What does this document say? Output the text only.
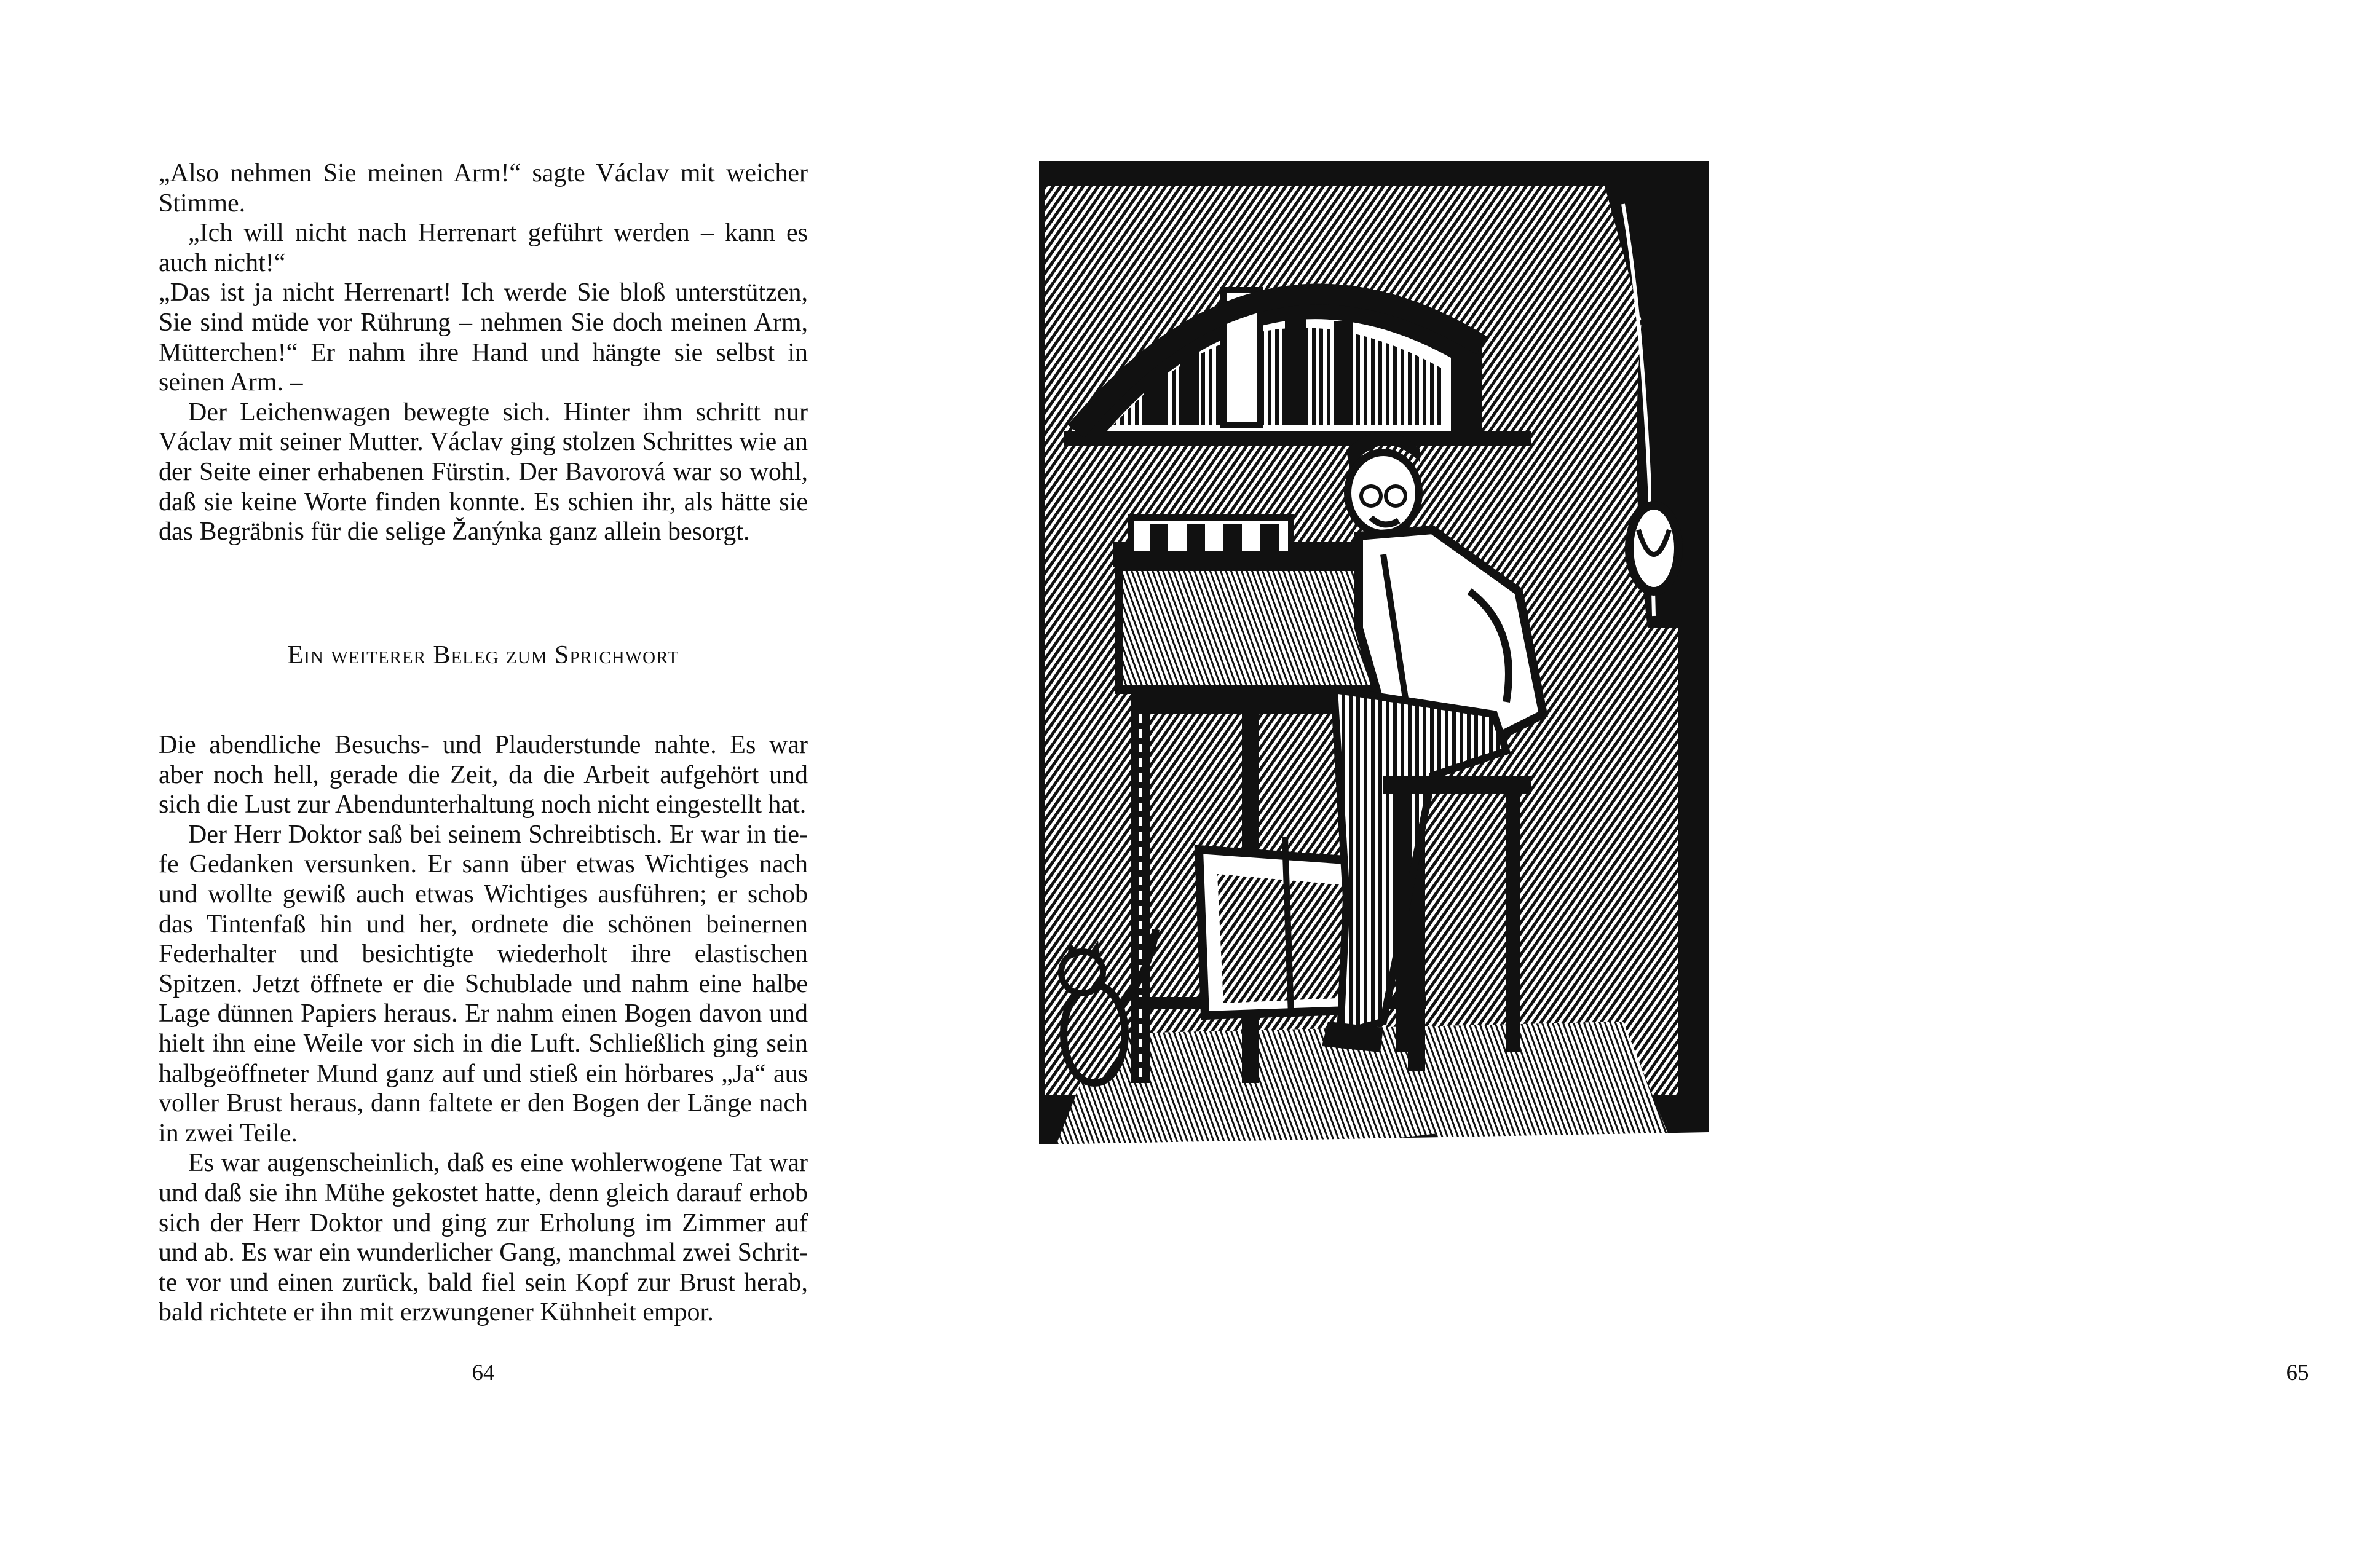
„Also nehmen Sie meinen Arm!“ sagte Václav mit weicher Stimme.

„Ich will nicht nach Herrenart geführt werden – kann es auch nicht!“

„Das ist ja nicht Herrenart! Ich werde Sie bloß unterstützen, Sie sind müde vor Rührung – nehmen Sie doch meinen Arm, Mütterchen!“ Er nahm ihre Hand und hängte sie selbst in seinen Arm. –

Der Leichenwagen bewegte sich. Hinter ihm schritt nur Václav mit seiner Mutter. Václav ging stolzen Schrittes wie an der Seite einer erhabenen Fürstin. Der Bavorová war so wohl, daß sie keine Worte finden konnte. Es schien ihr, als hätte sie das Begräbnis für die selige Žanýnka ganz allein besorgt.

Ein weiterer Beleg zum Sprichwort

Die abendliche Besuchs- und Plauderstunde nahte. Es war aber noch hell, gerade die Zeit, da die Arbeit aufgehört und sich die Lust zur Abendunterhaltung noch nicht eingestellt hat.

Der Herr Doktor saß bei seinem Schreibtisch. Er war in tiefe Gedanken versunken. Er sann über etwas Wichtiges nach und wollte gewiß auch etwas Wichtiges ausführen; er schob das Tintenfaß hin und her, ordnete die schönen beinernen Federhalter und besichtigte wiederholt ihre elastischen Spitzen. Jetzt öffnete er die Schublade und nahm eine halbe Lage dünnen Papiers heraus. Er nahm einen Bogen davon und hielt ihn eine Weile vor sich in die Luft. Schließlich ging sein halbgeöffneter Mund ganz auf und stieß ein hörbares „Ja“ aus voller Brust heraus, dann faltete er den Bogen der Länge nach in zwei Teile.

Es war augenscheinlich, daß es eine wohlerwogene Tat war und daß sie ihn Mühe gekostet hatte, denn gleich darauf erhob sich der Herr Doktor und ging zur Erholung im Zimmer auf und ab. Es war ein wunderlicher Gang, manchmal zwei Schritte vor und einen zurück, bald fiel sein Kopf zur Brust herab, bald richtete er ihn mit erzwungener Kühnheit empor.

64	65
